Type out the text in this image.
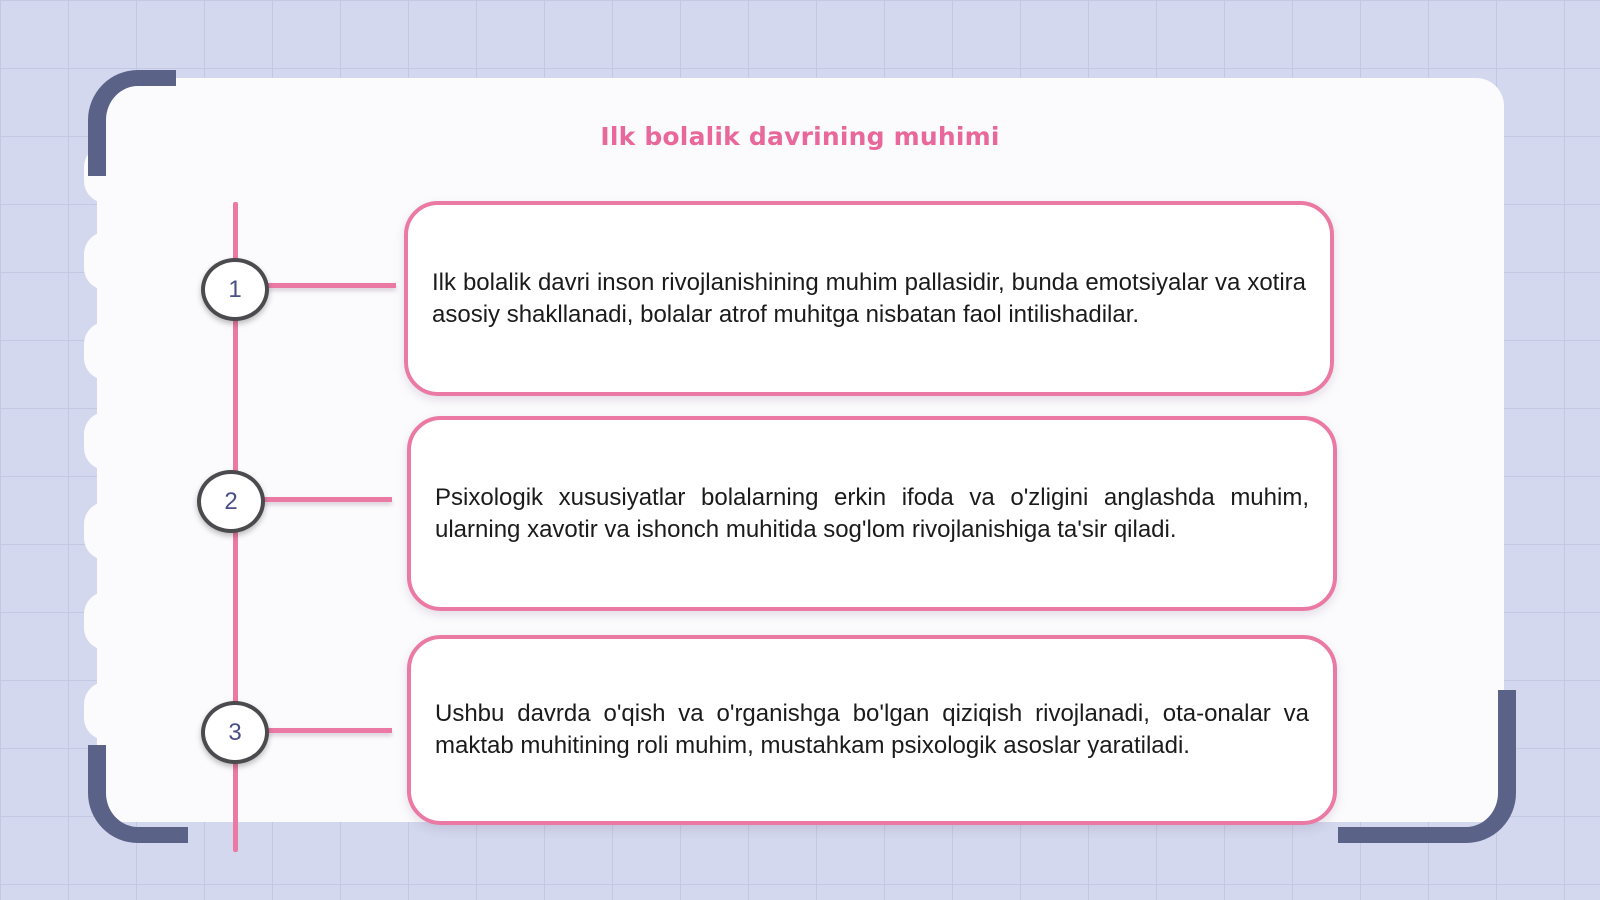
Ilk bolalik davrining muhimi
1	Ilk bolalik davri inson rivojlanishining muhim pallasidir, bunda emotsiyalar va xotira asosiy shakllanadi, bolalar atrof muhitga nisbatan faol intilishadilar.
2	Psixologik xususiyatlar bolalarning erkin ifoda va o'zligini anglashda muhim, ularning xavotir va ishonch muhitida sog'lom rivojlanishiga ta'sir qiladi.
3
Ushbu davrda o'qish va o'rganishga bo'lgan qiziqish rivojlanadi, ota-onalar va maktab muhitining roli muhim, mustahkam psixologik asoslar yaratiladi.
